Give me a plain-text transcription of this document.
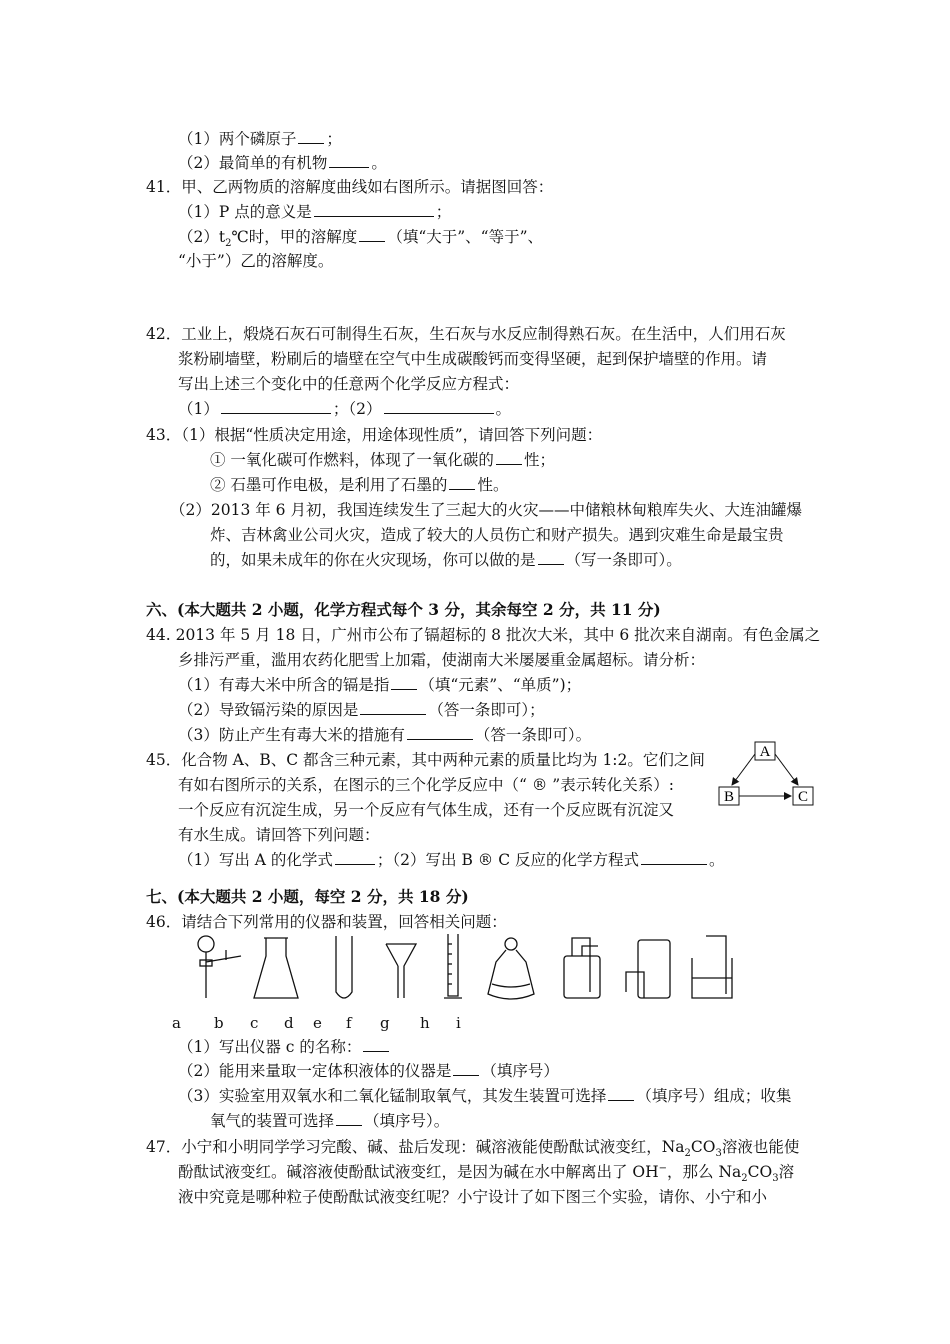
（1）两个磷原子 ；
（2）最简单的有机物	。
41．甲、乙两物质的溶解度曲线如右图所示。请据图回答：
（1）P 点的意义是	；
$(2)t_2℃$时，甲的溶解度 （填“大于”、“等于”、
“小于”）乙的溶解度。
42．工业上，煅烧石灰石可制得生石灰，生石灰与水反应制得熟石灰。在生活中，人们用石灰
浆粉刷墙壁，粉刷后的墙壁在空气中生成碳酸钙而变得坚硬，起到保护墙壁的作用。请
写出上述三个变化中的任意两个化学反应方程式：
（1）	；（2）	。
43．（1）根据“性质决定用途，用途体现性质”，请回答下列问题：
① 一氧化碳可作燃料，体现了一氧化碳的 性；
② 石墨可作电极，是利用了石墨的 性。
（2）2013 年 6 月初，我国连续发生了三起大的火灾——中储粮林甸粮库失火、大连油罐爆
炸、吉林禽业公司火灾，造成了较大的人员伤亡和财产损失。遇到灾难生命是最宝贵
的，如果未成年的你在火灾现场，你可以做的是 （写一条即可）。
六、(本大题共 2 小题，化学方程式每个 3 分，其余每空 2 分，共 11 分)
44. 2013 年 5 月 18 日，广州市公布了镉超标的 8 批次大米，其中 6 批次来自湖南。有色金属之
乡排污严重，滥用农药化肥雪上加霜，使湖南大米屡屡重金属超标。请分析：
（1）有毒大米中所含的镉是指 （填“元素”、“单质”)；
（2）导致镉污染的原因是	（答一条即可）；
（3）防止产生有毒大米的措施有	（答一条即可）。
45．化合物 A、B、C 都含三种元素，其中两种元素的质量比均为 1:2。它们之间
有如右图所示的关系，在图示的三个化学反应中（“ ® ”表示转化关系）:
一个反应有沉淀生成，另一个反应有气体生成，还有一个反应既有沉淀又
有水生成。请回答下列问题：
（1）写出 A 的化学式	；（2）写出 B ® C 反应的化学方程式	。
A
B	C
七、(本大题共 2 小题，每空 2 分，共 18 分)
46．请结合下列常用的仪器和装置，回答相关问题：
a b c d e f g h i
（1）写出仪器 c 的名称：
（2）能用来量取一定体积液体的仪器是 （填序号）
（3）实验室用双氧水和二氧化锰制取氧气，其发生装置可选择 （填序号）组成；收集
氧气的装置可选择 （填序号）。
47．小宁和小明同学学习完酸、碱、盐后发现：碱溶液能使酚酞试液变红，$Na_2CO_3$溶液也能使
酚酞试液变红。碱溶液使酚酞试液变红，是因为碱在水中解离出了 OH−，那么 $Na_2CO_3$溶
液中究竟是哪种粒子使酚酞试液变红呢？小宁设计了如下图三个实验，请你、小宁和小
